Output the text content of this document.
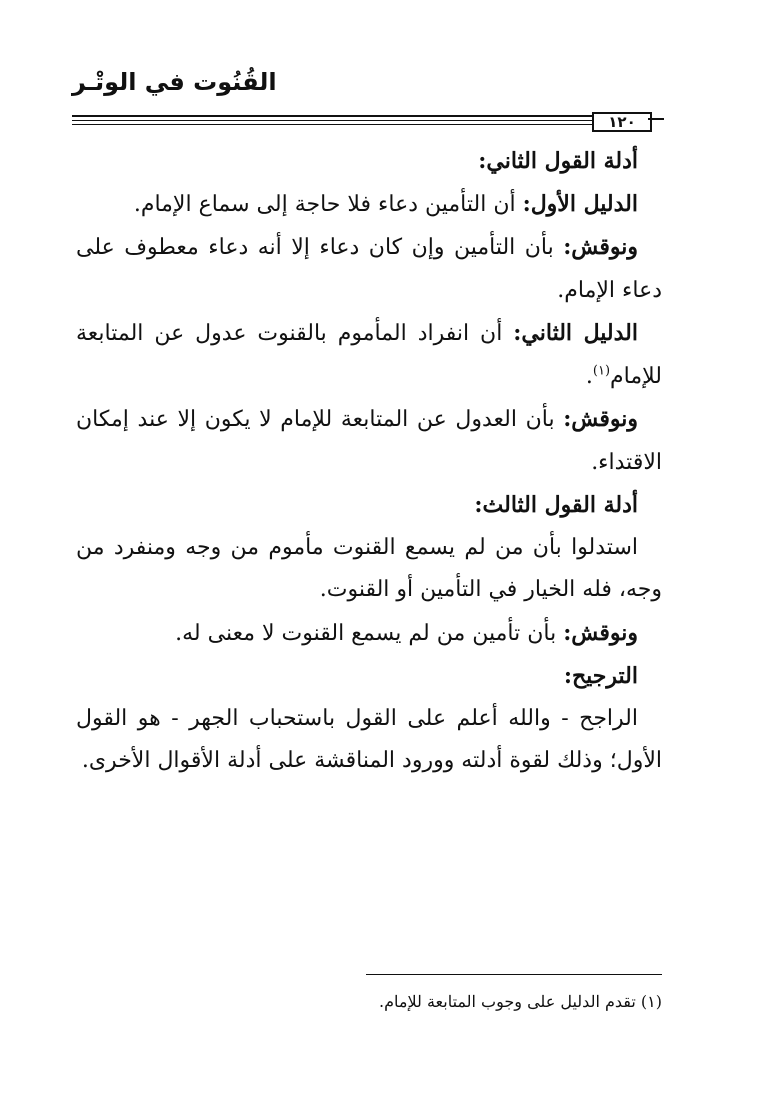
القُنُوت في الوتْـر
١٢٠

أدلة القول الثاني:

الدليل الأول: أن التأمين دعاء فلا حاجة إلى سماع الإمام.

ونوقش: بأن التأمين وإن كان دعاء إلا أنه دعاء معطوف على دعاء الإمام.

الدليل الثاني: أن انفراد المأموم بالقنوت عدول عن المتابعة للإمام$^{(١)}$.

ونوقش: بأن العدول عن المتابعة للإمام لا يكون إلا عند إمكان الاقتداء.

أدلة القول الثالث:

استدلوا بأن من لم يسمع القنوت مأموم من وجه ومنفرد من وجه، فله الخيار في التأمين أو القنوت.

ونوقش: بأن تأمين من لم يسمع القنوت لا معنى له.

الترجيح:

الراجح - والله أعلم على القول باستحباب الجهر - هو القول الأول؛ وذلك لقوة أدلته وورود المناقشة على أدلة الأقوال الأخرى.

(١) تقدم الدليل على وجوب المتابعة للإمام.
